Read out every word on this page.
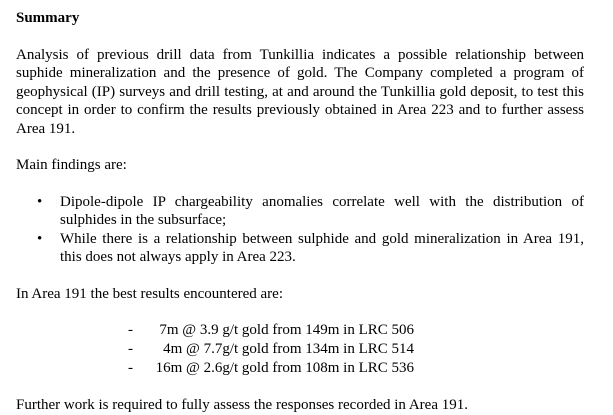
Summary

Analysis of previous drill data from Tunkillia indicates a possible relationship between suphide mineralization and the presence of gold. The Company completed a program of geophysical (IP) surveys and drill testing, at and around the Tunkillia gold deposit, to test this concept in order to confirm the results previously obtained in Area 223 and to further assess Area 191.

Main findings are:

• Dipole-dipole IP chargeability anomalies correlate well with the distribution of sulphides in the subsurface;
• While there is a relationship between sulphide and gold mineralization in Area 191, this does not always apply in Area 223.

In Area 191 the best results encountered are:

- 7m @ 3.9 g/t gold from 149m in LRC 506
- 4m @ 7.7g/t gold from 134m in LRC 514
- 16m @ 2.6g/t gold from 108m in LRC 536

Further work is required to fully assess the responses recorded in Area 191.
